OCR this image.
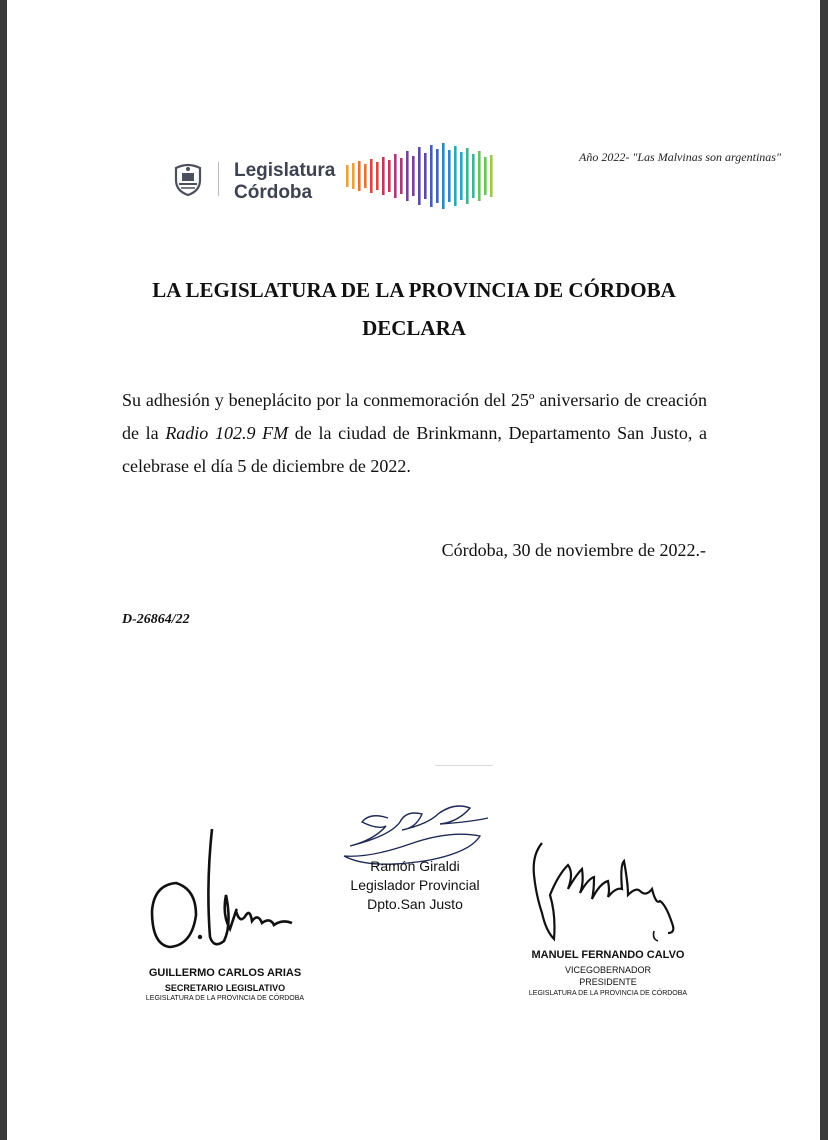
Legislatura
Córdoba
Año 2022- "Las Malvinas son argentinas"
LA LEGISLATURA DE LA PROVINCIA DE CÓRDOBA
DECLARA

Su adhesión y beneplácito por la conmemoración del 25º aniversario de creación de la Radio 102.9 FM de la ciudad de Brinkmann, Departamento San Justo, a celebrase el día 5 de diciembre de 2022.

Córdoba, 30 de noviembre de 2022.-
D-26864/22
Ramón Giraldi
Legislador Provincial
Dpto.San Justo
GUILLERMO CARLOS ARIAS
SECRETARIO LEGISLATIVO
LEGISLATURA DE LA PROVINCIA DE CÓRDOBA
MANUEL FERNANDO CALVO
VICEGOBERNADOR
PRESIDENTE
LEGISLATURA DE LA PROVINCIA DE CÓRDOBA
